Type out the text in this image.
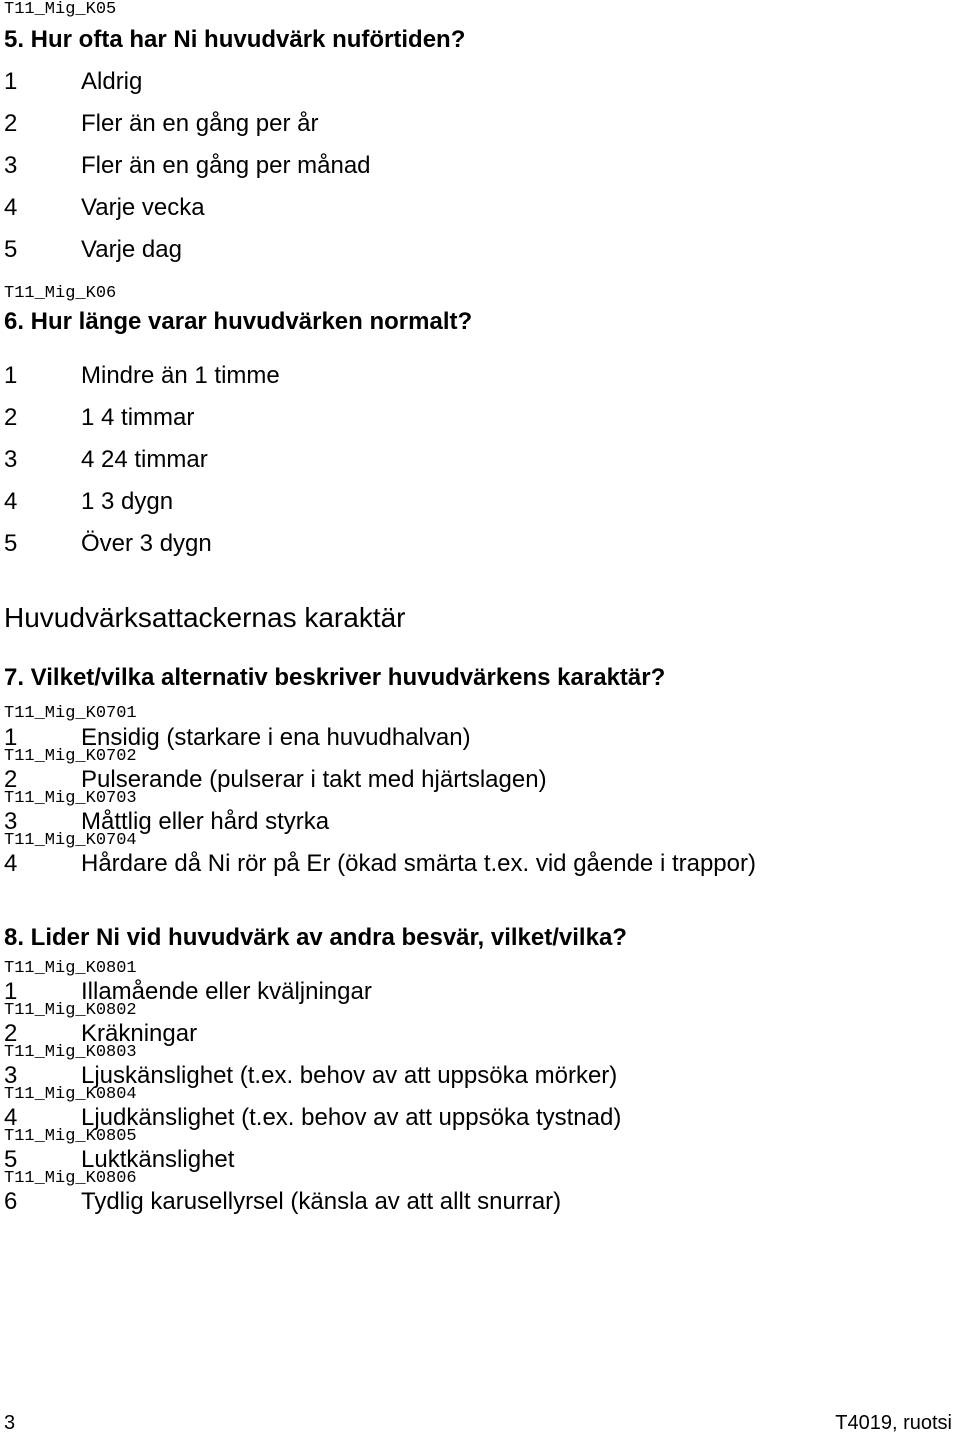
T11_Mig_K05
5. Hur ofta har Ni huvudvärk nuförtiden?
1	Aldrig
2	Fler än en gång per år
3	Fler än en gång per månad
4	Varje vecka
5	Varje dag
T11_Mig_K06
6. Hur länge varar huvudvärken normalt?
1	Mindre än 1 timme
2	1 4 timmar
3	4 24 timmar
4	1 3 dygn
5	Över 3 dygn
Huvudvärksattackernas karaktär
7. Vilket/vilka alternativ beskriver huvudvärkens karaktär?
T11_Mig_K0701
1	Ensidig (starkare i ena huvudhalvan)
T11_Mig_K0702
2	Pulserande (pulserar i takt med hjärtslagen)
T11_Mig_K0703
3	Måttlig eller hård styrka
T11_Mig_K0704
4	Hårdare då Ni rör på Er (ökad smärta t.ex. vid gående i trappor)
8. Lider Ni vid huvudvärk av andra besvär, vilket/vilka?
T11_Mig_K0801
1	Illamående eller kväljningar
T11_Mig_K0802
2	Kräkningar
T11_Mig_K0803
3	Ljuskänslighet (t.ex. behov av att uppsöka mörker)
T11_Mig_K0804
4	Ljudkänslighet (t.ex. behov av att uppsöka tystnad)
T11_Mig_K0805
5	Luktkänslighet
T11_Mig_K0806
6	Tydlig karusellyrsel (känsla av att allt snurrar)
3	T4019, ruotsi
